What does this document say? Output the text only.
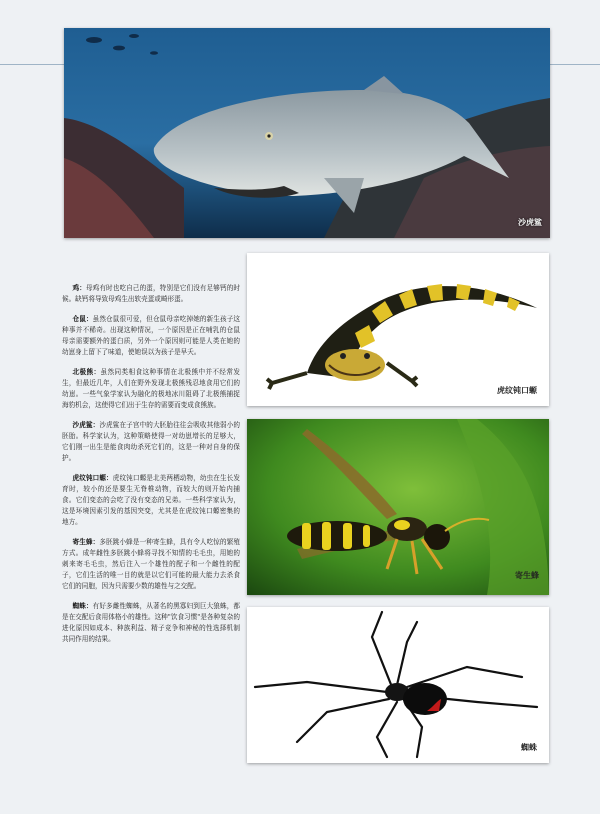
沙虎鲨
虎纹钝口螈
寄生蜂
蜘蛛

鸡：母鸡有时也吃自己的蛋，特别是它们没有足够钙的时候。缺钙将导致母鸡生出软壳蛋或畸形蛋。

仓鼠：虽然仓鼠很可爱，但仓鼠母亲吃掉她的新生孩子这种事并不稀奇。出现这种情况，一个原因是正在哺乳的仓鼠母亲需要额外的蛋白质，另外一个原因则可能是人类在她的幼崽身上留下了味道，使她误以为孩子是早夭。

北极熊：虽然同类相食这种事情在北极熊中并不经常发生，但最近几年，人们在野外发现北极熊残忍地食用它们的幼崽。一些气象学家认为融化的极地冰川阻碍了北极熊捕捉海豹机会，这使得它们出于生存的需要而变成食熊族。

沙虎鲨：沙虎鲨在子宫中的大胚胎往往会吸收其他弱小的胚胎。科学家认为，这种策略使得一对幼崽增长的足够大，它们刚一出生是能食肉幼杀死它们的，这是一种对自身的保护。

虎纹钝口螈：虎纹钝口螈是北美两栖动物，幼虫在生长发育时，较小的还是要生无脊椎动物，而较大的则开始内捕食。它们变态的会吃了没有变态的兄弟。一些科学家认为，这是环境因素引发的基因突变，尤其是在虎纹钝口螈密集的地方。

寄生蜂：多胚跳小蜂是一种寄生蜂，具有令人吃惊的繁殖方式。成年雌性多胚跳小蜂将寻找不知情的毛毛虫，用她的刺来寄毛毛虫，然后注入一个雄性的配子和一个雌性的配子，它们生活的唯一目的就是以它们可能的最大能力去杀食它们的同胞，因为只需要少数的雄性与之交配。

蜘蛛：有好多雌性蜘蛛，从著名的黑寡妇到巨大狼蛛，都是在交配后食用体格小的雄性。这种"饮食习惯"是各种复杂的进化原因如成本、种族利益、精子竞争和神秘的性选择机制共同作用的结果。
